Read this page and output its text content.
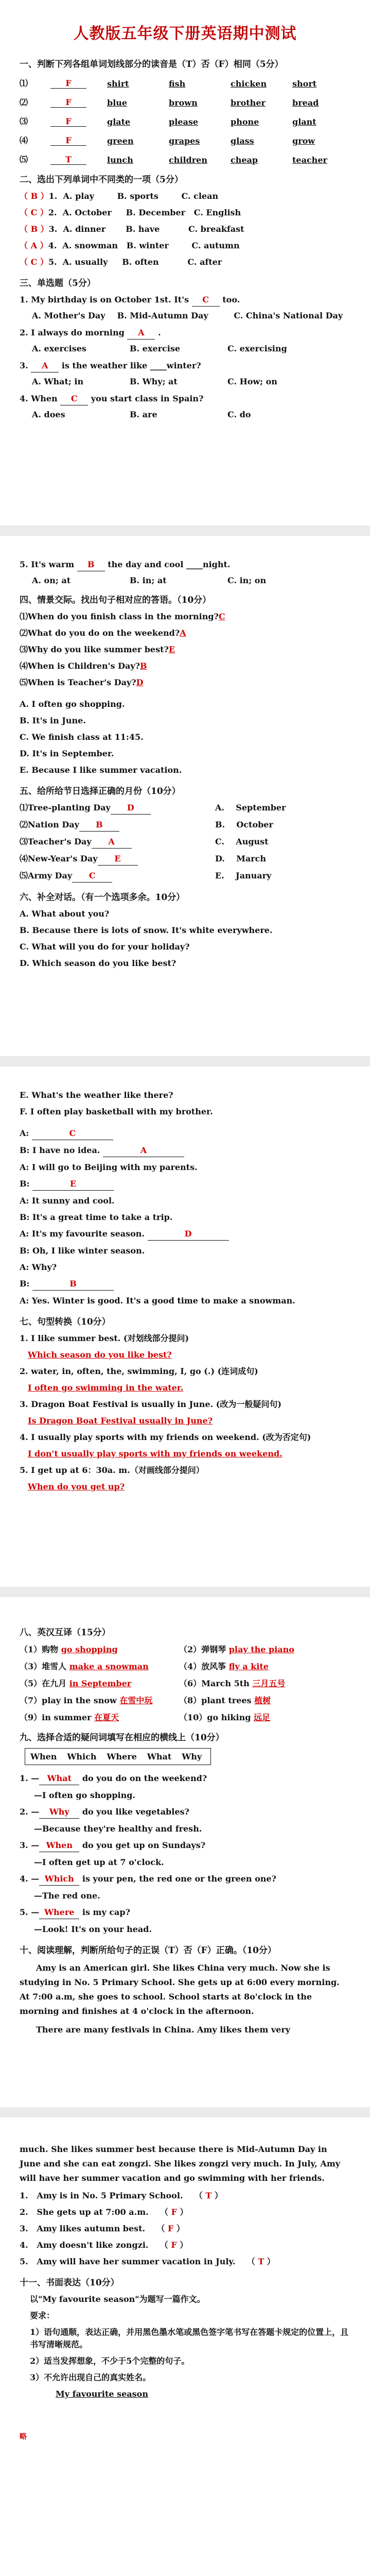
人教版五年级下册英语期中测试
一、判断下列各组单词划线部分的读音是（T）否（F）相同（5分）
⑴	F	shirt	fish	chicken	short
⑵	F	blue	brown	brother	bread
⑶	F	glate	please	phone	glant
⑷	F	green	grapes	glass	grow
⑸	T	lunch	children	cheap	teacher
二、选出下列单词中不同类的一项（5分）
（ B ）1.  A. play        B. sports        C. clean
（ C ）2.  A. October     B. December   C. English
（ B ）3.  A. dinner       B. have          C. breakfast
（ A ）4.  A. snowman   B. winter        C. autumn
（ C ）5.  A. usually     B. often          C. after
三、单选题（5分）
1. My birthday is on October 1st. It's C too.
A. Mother's Day	B. Mid-Autumn Day	C. China's National Day
2. I always do morning A .
A. exercises	B. exercise	C. exercising
3. A is the weather like ____winter?
A. What; in	B. Why; at	C. How; on
4. When C you start class in Spain?
A. does	B. are	C. do
5. It's warm B the day and cool ____night.
A. on; at	B. in; at	C. in; on
四、情景交际。找出句子相对应的答语。（10分）
⑴When do you finish class in the morning?C
⑵What do you do on the weekend?A
⑶Why do you like summer best?E
⑷When is Children's Day?B
⑸When is Teacher's Day?D
A. I often go shopping.
B. It's in June.
C. We finish class at 11:45.
D. It's in September.
E. Because I like summer vacation.
五、给所给节日选择正确的月份（10分）
⑴Tree-planting Day D	A.    September
⑵Nation Day B	B.    October
⑶Teacher's Day A	C.    August
⑷New-Year's Day E	D.    March
⑸Army Day C	E.    January
六、补全对话。（有一个选项多余。10分）
A. What about you?
B. Because there is lots of snow. It's white everywhere.
C. What will you do for your holiday?
D. Which season do you like best?
E. What's the weather like there?
F. I often play basketball with my brother.
A:	C
B: I have no idea.	A
A: I will go to Beijing with my parents.
B:	E
A: It sunny and cool.
B: It's a great time to take a trip.
A: It's my favourite season.	D
B: Oh, I like winter season.
A: Why?
B:	B
A: Yes. Winter is good. It's a good time to make a snowman.
七、句型转换（10分）
1. I like summer best. (对划线部分提问)
Which season do you like best?
2. water, in, often, the, swimming, I, go (.) (连词成句)
I often go swimming in the water.
3. Dragon Boat Festival is usually in June. (改为一般疑问句)
Is Dragon Boat Festival usually in June?
4. I usually play sports with my friends on weekend. (改为否定句)
I don't usually play sports with my friends on weekend.
5. I get up at 6：30a. m.（对画线部分提问）
When do you get up?
八、英汉互译（15分）
（1）购物 go shopping	（2）弹钢琴 play the piano
（3）堆雪人 make a snowman	（4）放风筝 fly a kite
（5）在九月 in September	（6）March 5th 三月五号
（7）play in the snow 在雪中玩	（8）plant trees 植树
（9）in summer 在夏天	（10）go hiking 远足
九、选择合适的疑问词填写在相应的横线上（10分）
When	Which	Where	What	Why
1. — What do you do on the weekend?
—I often go shopping.
2. — Why do you like vegetables?
—Because they're healthy and fresh.
3. — When do you get up on Sundays?
—I often get up at 7 o'clock.
4. — Which is your pen, the red one or the green one?
—The red one.
5. — Where is my cap?
—Look! It's on your head.
十、阅读理解，判断所给句子的正误（T）否（F）正确。（10分）
Amy is an American girl. She likes China very much. Now she is studying in No. 5 Primary School. She gets up at 6:00 every morning. At 7:00 a.m, she goes to school. School starts at 8o'clock in the morning and finishes at 4 o'clock in the afternoon.
There are many festivals in China. Amy likes them very
much. She likes summer best because there is Mid-Autumn Day in June and she can eat zongzi. She likes zongzi very much. In July, Amy will have her summer vacation and go swimming with her friends.
1.   Amy is in No. 5 Primary School.    （ T ）
2.   She gets up at 7:00 a.m.    （ F ）
3.   Amy likes autumn best.    （ F ）
4.   Amy doesn't like zongzi.    （ F ）
5.   Amy will have her summer vacation in July.    （ T ）
十一、书面表达（10分）
以"My favourite season"为题写一篇作文。
要求：
1）语句通顺，表达正确，并用黑色墨水笔或黑色签字笔书写在答题卡规定的位置上，且书写清晰规范。
2）适当发挥想象，不少于5个完整的句子。
3）不允许出现自己的真实姓名。
My favourite season
略
